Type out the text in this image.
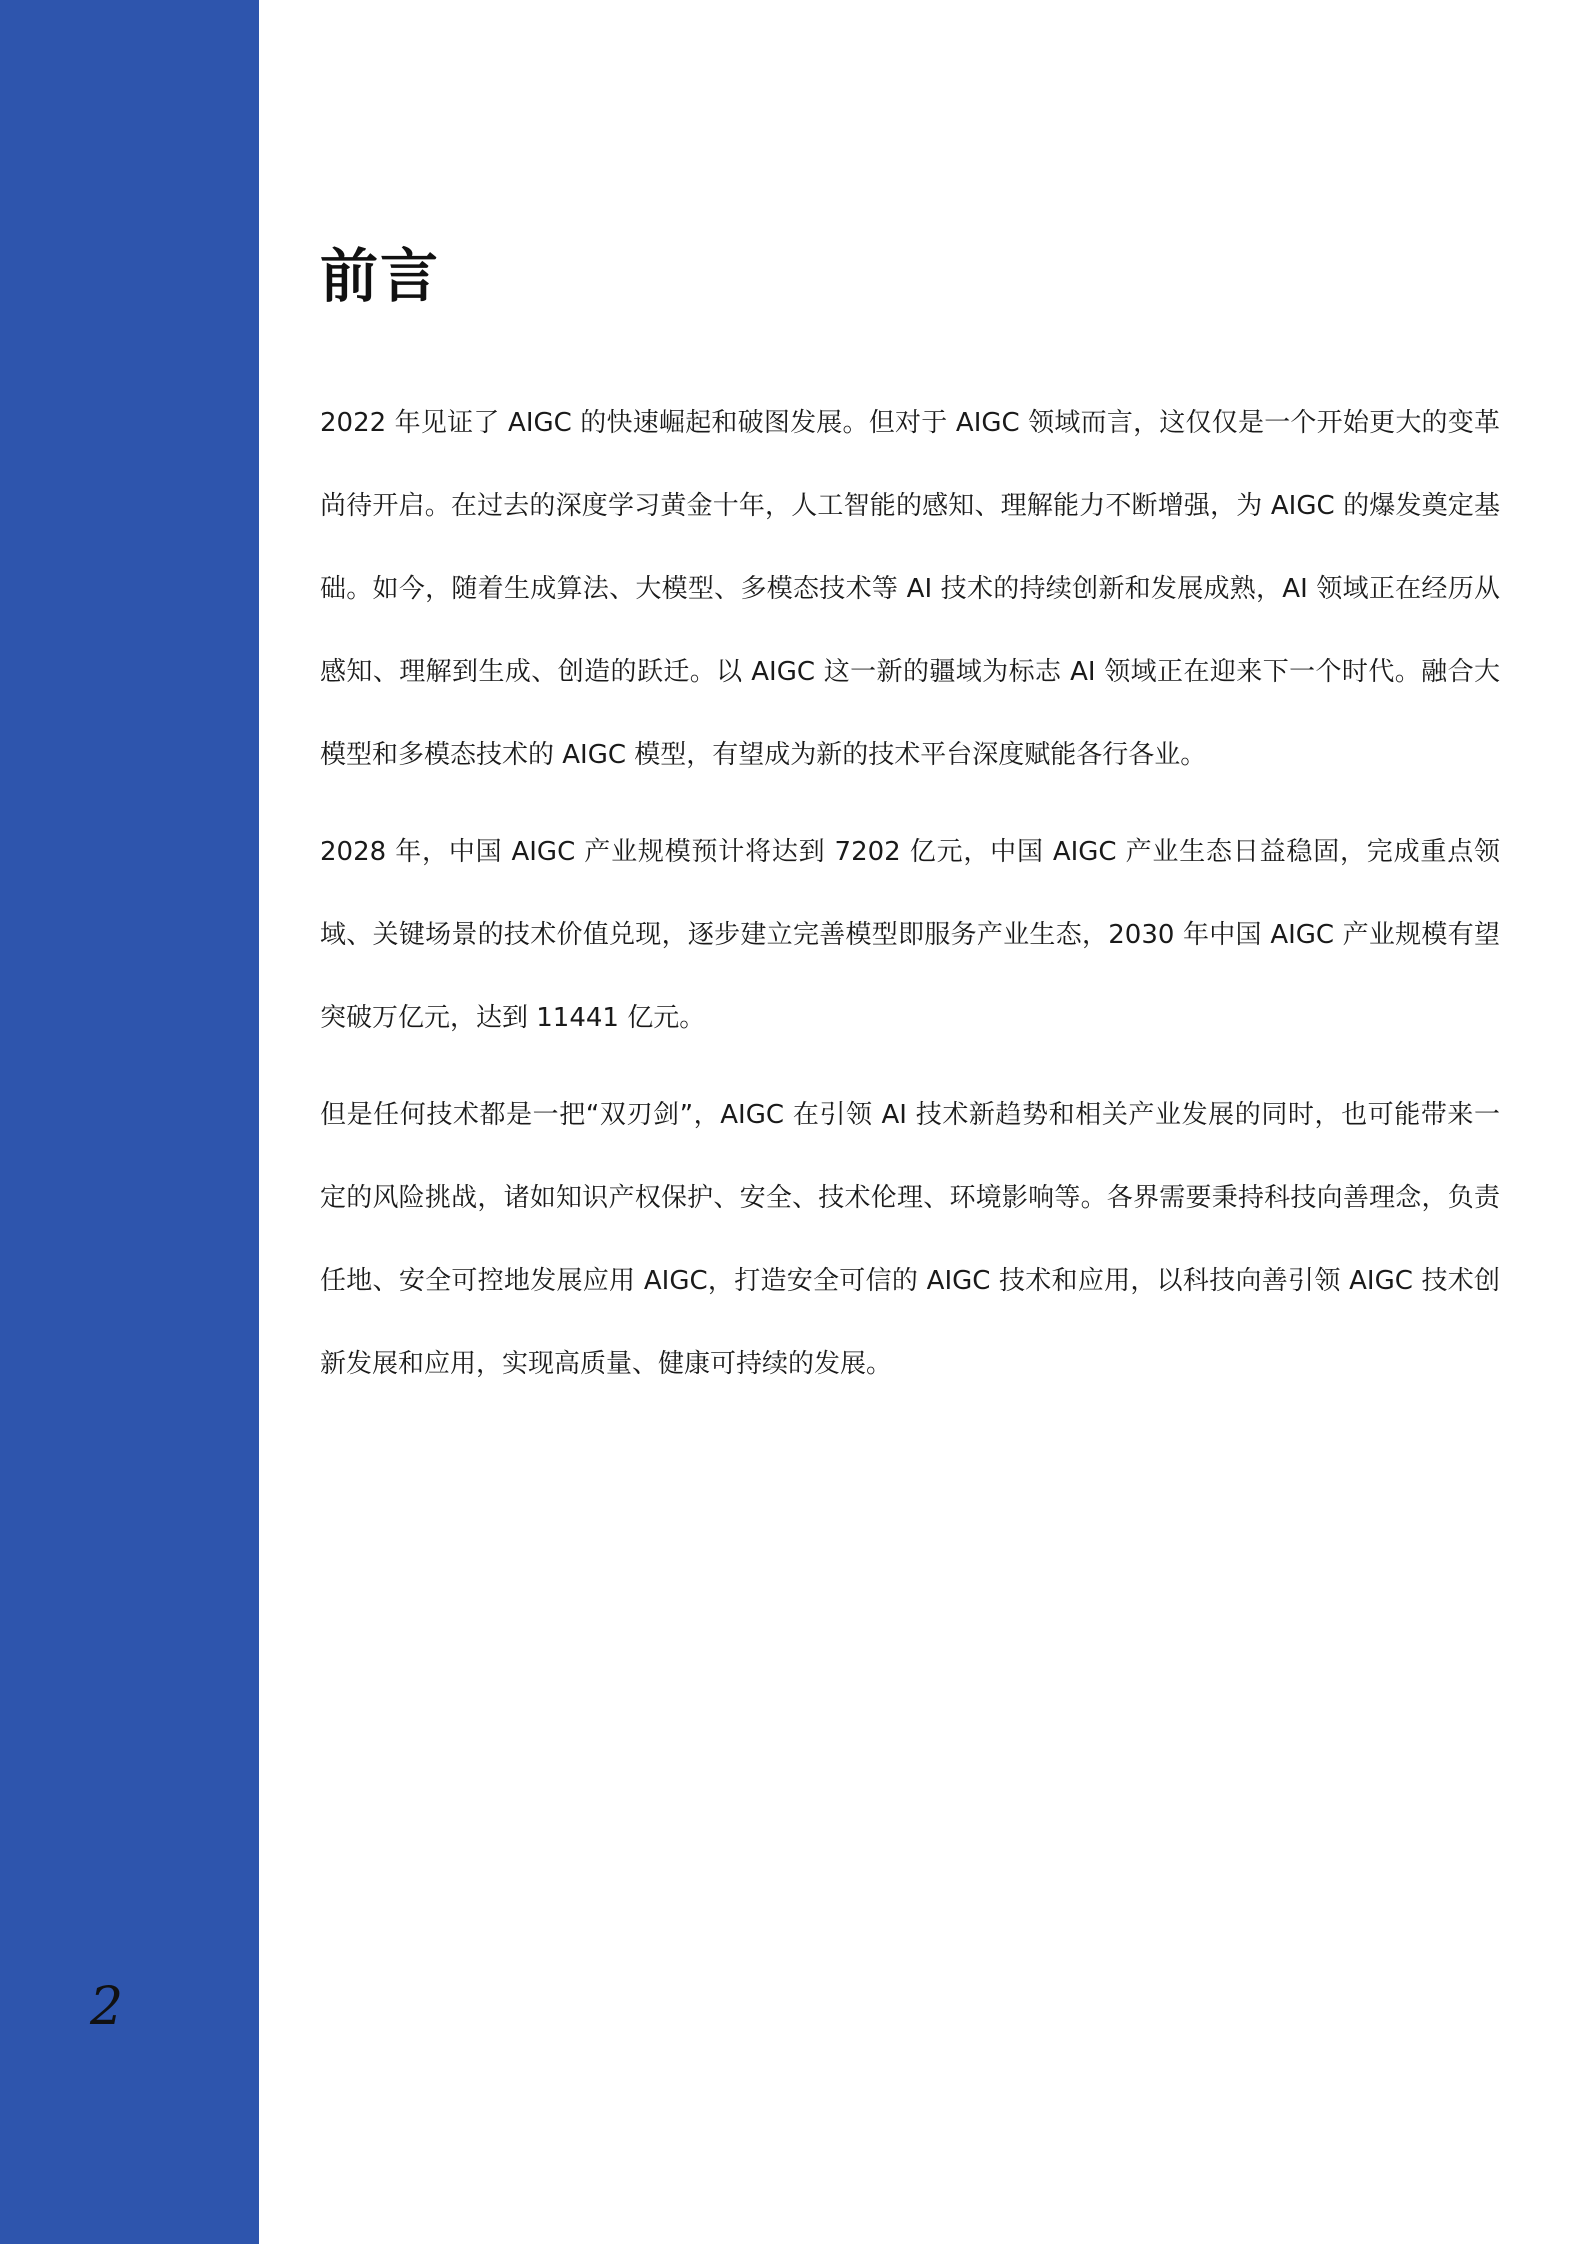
2
前言

2022 年见证了 AIGC 的快速崛起和破图发展。但对于 AIGC 领域而言，这仅仅是一个开始更大的变革尚待开启。在过去的深度学习黄金十年，人工智能的感知、理解能力不断增强，为 AIGC 的爆发奠定基础。如今，随着生成算法、大模型、多模态技术等 AI 技术的持续创新和发展成熟，AI 领域正在经历从感知、理解到生成、创造的跃迁。以 AIGC 这一新的疆域为标志 AI 领域正在迎来下一个时代。融合大模型和多模态技术的 AIGC 模型，有望成为新的技术平台深度赋能各行各业。

2028 年，中国 AIGC 产业规模预计将达到 7202 亿元，中国 AIGC 产业生态日益稳固，完成重点领域、关键场景的技术价值兑现，逐步建立完善模型即服务产业生态，2030 年中国 AIGC 产业规模有望突破万亿元，达到 11441 亿元。

但是任何技术都是一把“双刃剑”，AIGC 在引领 AI 技术新趋势和相关产业发展的同时，也可能带来一定的风险挑战，诸如知识产权保护、安全、技术伦理、环境影响等。各界需要秉持科技向善理念，负责任地、安全可控地发展应用 AIGC，打造安全可信的 AIGC 技术和应用，以科技向善引领 AIGC 技术创新发展和应用，实现高质量、健康可持续的发展。
